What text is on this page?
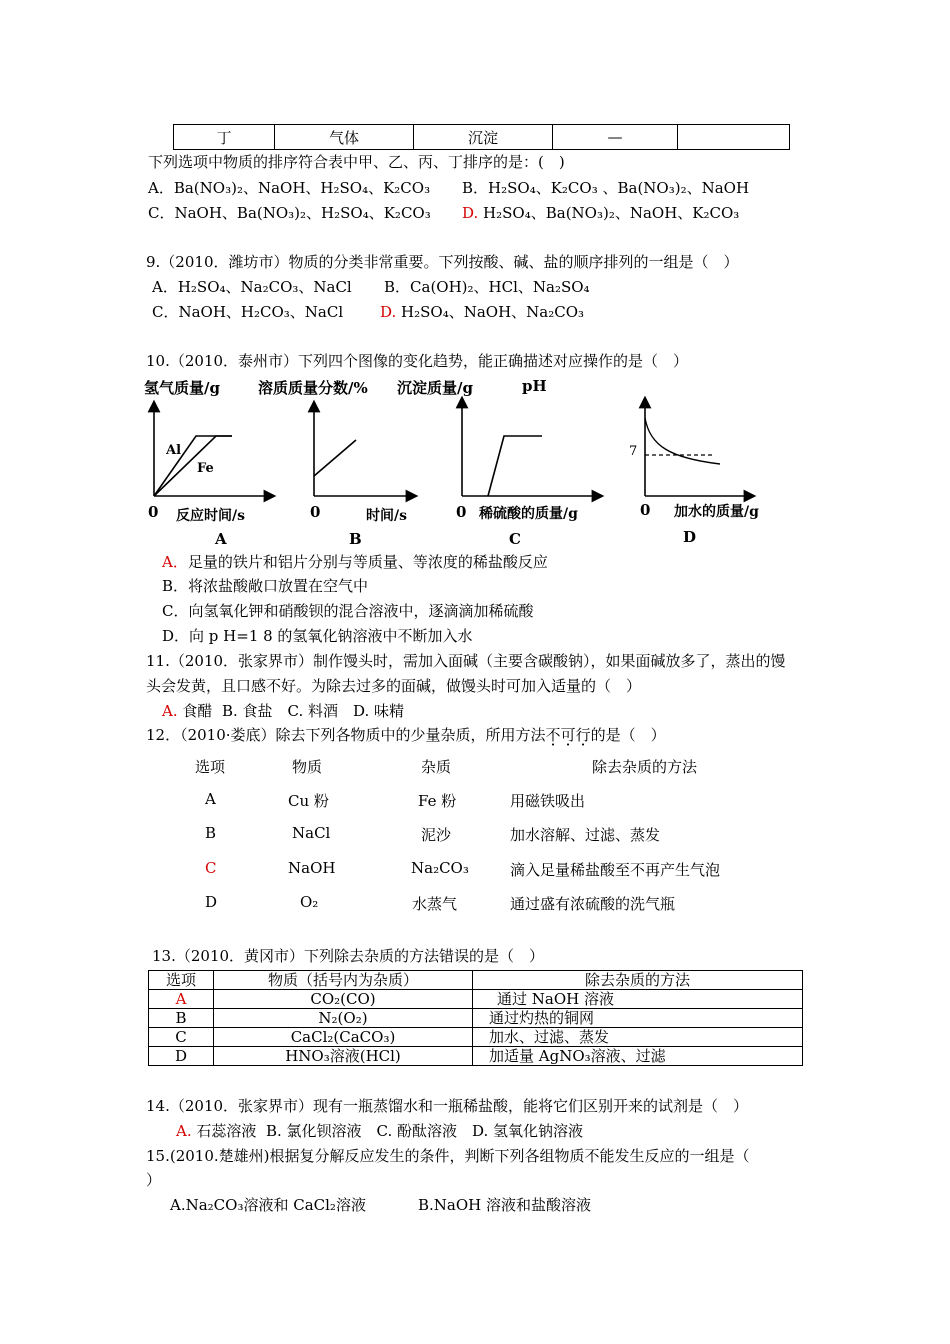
丁	气体	沉淀	—	
下列选项中物质的排序符合表中甲、乙、丙、丁排序的是：(　)
A．Ba(NO₃)₂、NaOH、H₂SO₄、K₂CO₃ B．H₂SO₄、K₂CO₃ 、Ba(NO₃)₂、NaOH
C．NaOH、Ba(NO₃)₂、H₂SO₄、K₂CO₃ D. H₂SO₄、Ba(NO₃)₂、NaOH、K₂CO₃
9.（2010．潍坊市）物质的分类非常重要。下列按酸、碱、盐的顺序排列的一组是（　）
A．H₂SO₄、Na₂CO₃、NaCl B．Ca(OH)₂、HCl、Na₂SO₄
C．NaOH、H₂CO₃、NaCl D. H₂SO₄、NaOH、Na₂CO₃
10.（2010．泰州市）下列四个图像的变化趋势，能正确描述对应操作的是（　）
氢气质量/g	溶质质量分数/% 沉淀质量/g	pH
Al
Fe
7
0 反应时间/s	0	时间/s	0 稀硫酸的质量/g	0 加水的质量/g
A	B	C	D
A．足量的铁片和铝片分别与等质量、等浓度的稀盐酸反应
B．将浓盐酸敞口放置在空气中
C．向氢氧化钾和硝酸钡的混合溶液中，逐滴滴加稀硫酸
D．向 p H=1 8 的氢氧化钠溶液中不断加入水
11.（2010．张家界市）制作馒头时，需加入面碱（主要含碳酸钠），如果面碱放多了，蒸出的馒
头会发黄，且口感不好。为除去过多的面碱，做馒头时可加入适量的（　）
A. 食醋 B. 食盐　C. 料酒　D. 味精
12．（2010·娄底）除去下列各物质中的少量杂质，所用方法不可行的是（　）
选项	物质	杂质	除去杂质的方法
A	Cu 粉	Fe 粉	用磁铁吸出
B	NaCl	泥沙	加水溶解、过滤、蒸发
C	NaOH	Na₂CO₃	滴入足量稀盐酸至不再产生气泡
D	O₂	水蒸气	通过盛有浓硫酸的洗气瓶
13.（2010．黄冈市）下列除去杂质的方法错误的是（　）
选项	物质（括号内为杂质）	除去杂质的方法
A	CO₂(CO)	通过 NaOH 溶液
B	N₂(O₂)	通过灼热的铜网
C	CaCl₂(CaCO₃)	加水、过滤、蒸发
D	HNO₃溶液(HCl)	加适量 AgNO₃溶液、过滤
14.（2010．张家界市）现有一瓶蒸馏水和一瓶稀盐酸，能将它们区别开来的试剂是（　）
A. 石蕊溶液 B. 氯化钡溶液　C. 酚酞溶液　D. 氢氧化钠溶液
15.(2010.楚雄州)根据复分解反应发生的条件，判断下列各组物质不能发生反应的一组是（
）
A.Na₂CO₃溶液和 CaCl₂溶液	B.NaOH 溶液和盐酸溶液
